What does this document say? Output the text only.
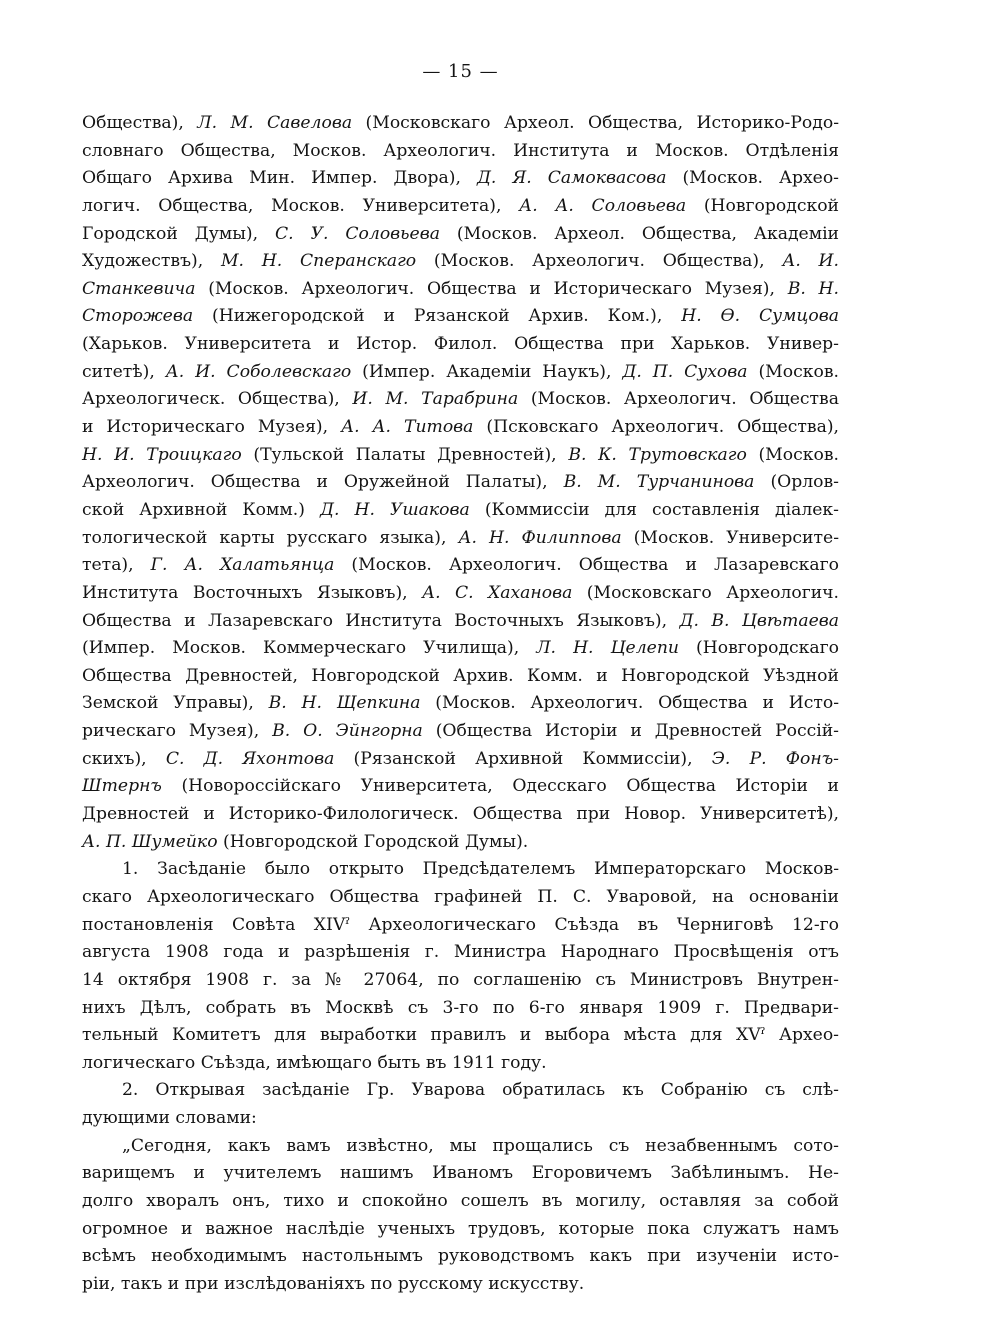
— 15 —
Общества), Л. М. Савелова (Московскаго Археол. Общества, Историко-Родо-
словнаго Общества, Москов. Археологич. Института и Москов. Отдѣленія
Общаго Архива Мин. Импер. Двора), Д. Я. Самоквасова (Москов. Архео-
логич. Общества, Москов. Университета), А. А. Соловьева (Новгородской
Городской Думы), С. У. Соловьева (Москов. Археол. Общества, Академіи
Художествъ), М. Н. Сперанскаго (Москов. Археологич. Общества), А. И.
Станкевича (Москов. Археологич. Общества и Историческаго Музея), В. Н.
Сторожева (Нижегородской и Рязанской Архив. Ком.), Н. Ѳ. Сумцова
(Харьков. Университета и Истор. Филол. Общества при Харьков. Универ-
ситетѣ), А. И. Соболевскаго (Импер. Академіи Наукъ), Д. П. Сухова (Москов.
Археологическ. Общества), И. М. Тарабрина (Москов. Археологич. Общества
и Историческаго Музея), А. А. Титова (Псковскаго Археологич. Общества),
Н. И. Троицкаго (Тульской Палаты Древностей), В. К. Трутовскаго (Москов.
Археологич. Общества и Оружейной Палаты), В. М. Турчанинова (Орлов-
ской Архивной Комм.) Д. Н. Ушакова (Коммиссіи для составленія діалек-
тологической карты русскаго языка), А. Н. Филиппова (Москов. Университе-
тета), Г. А. Халатьянца (Москов. Археологич. Общества и Лазаревскаго
Института Восточныхъ Языковъ), А. С. Хаханова (Московскаго Археологич.
Общества и Лазаревскаго Института Восточныхъ Языковъ), Д. В. Цвѣтаева
(Импер. Москов. Коммерческаго Училища), Л. Н. Целепи (Новгородскаго
Общества Древностей, Новгородской Архив. Комм. и Новгородской Уѣздной
Земской Управы), В. Н. Щепкина (Москов. Археологич. Общества и Исто-
рическаго Музея), В. О. Эйнгорна (Общества Исторіи и Древностей Россій-
скихъ), С. Д. Яхонтова (Рязанской Архивной Коммиссіи), Э. Р. Фонъ-
Штернъ (Новороссійскаго Университета, Одесскаго Общества Исторіи и
Древностей и Историко-Филологическ. Общества при Новор. Университетѣ),
А. П. Шумейко (Новгородской Городской Думы).
1. Засѣданіе было открыто Предсѣдателемъ Императорскаго Москов-
скаго Археологическаго Общества графиней П. С. Уваровой, на основаніи
постановленія Совѣта XIVˀ Археологическаго Съѣзда въ Черниговѣ 12-го
августа 1908 года и разрѣшенія г. Министра Народнаго Просвѣщенія отъ
14 октября 1908 г. за № 27064, по соглашенію съ Министровъ Внутрен-
нихъ Дѣлъ, собрать въ Москвѣ съ 3-го по 6-го января 1909 г. Предвари-
тельный Комитетъ для выработки правилъ и выбора мѣста для XVˀ Архео-
логическаго Съѣзда, имѣющаго быть въ 1911 году.
2. Открывая засѣданіе Гр. Уварова обратилась къ Собранію съ слѣ-
дующими словами:
„Сегодня, какъ вамъ извѣстно, мы прощались съ незабвеннымъ сото-
варищемъ и учителемъ нашимъ Иваномъ Егоровичемъ Забѣлинымъ. Не-
долго хворалъ онъ, тихо и спокойно сошелъ въ могилу, оставляя за собой
огромное и важное наслѣдіе ученыхъ трудовъ, которые пока служатъ намъ
всѣмъ необходимымъ настольнымъ руководствомъ какъ при изученіи исто-
ріи, такъ и при изслѣдованіяхъ по русскому искусству.
